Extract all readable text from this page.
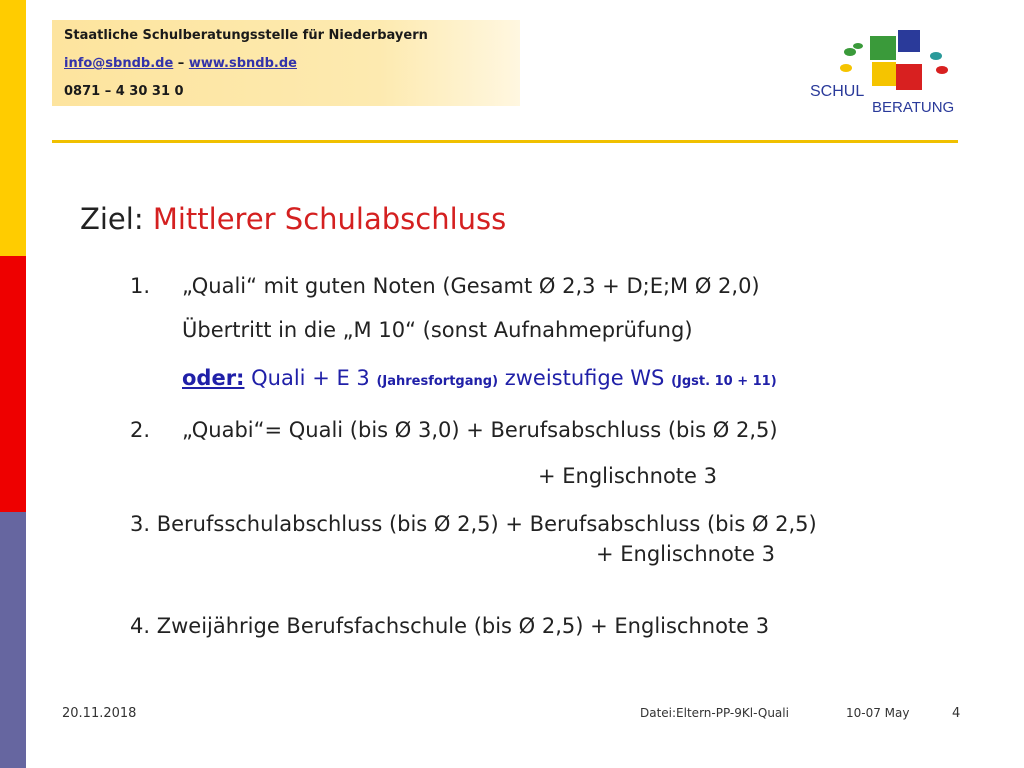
Staatliche Schulberatungsstelle für Niederbayern
info@sbndb.de – www.sbndb.de
0871 – 4 30 31 0	SCHUL
BERATUNG
Ziel: Mittlerer Schulabschluss
1. „Quali“ mit guten Noten (Gesamt Ø 2,3 + D;E;M Ø 2,0)
Übertritt in die „M 10“ (sonst Aufnahmeprüfung)
oder: Quali + E 3 (Jahresfortgang) zweistufige WS (Jgst. 10 + 11)
2. „Quabi“= Quali (bis Ø 3,0) + Berufsabschluss (bis Ø 2,5)
+ Englischnote 3
3. Berufsschulabschluss (bis Ø 2,5) + Berufsabschluss (bis Ø 2,5)
+ Englischnote 3
4. Zweijährige Berufsfachschule (bis Ø 2,5) + Englischnote 3
20.11.2018	Datei:Eltern-PP-9Kl-Quali	10-07 May	4
